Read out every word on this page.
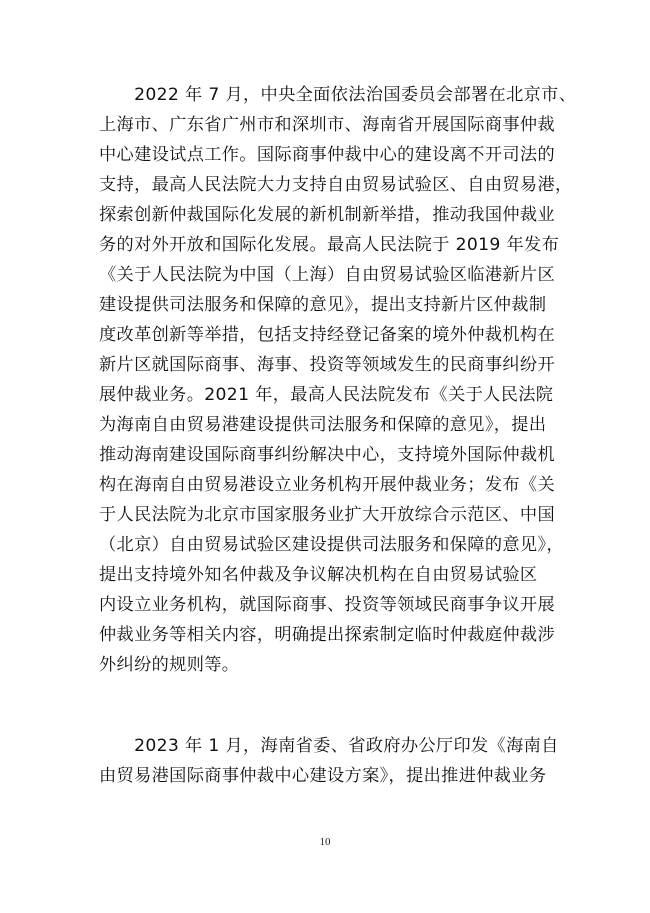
　　2022 年 7 月，中央全面依法治国委员会部署在北京市、
上海市、广东省广州市和深圳市、海南省开展国际商事仲裁
中心建设试点工作。国际商事仲裁中心的建设离不开司法的
支持，最高人民法院大力支持自由贸易试验区、自由贸易港，
探索创新仲裁国际化发展的新机制新举措，推动我国仲裁业
务的对外开放和国际化发展。最高人民法院于 2019 年发布
《关于人民法院为中国（上海）自由贸易试验区临港新片区
建设提供司法服务和保障的意见》，提出支持新片区仲裁制
度改革创新等举措，包括支持经登记备案的境外仲裁机构在
新片区就国际商事、海事、投资等领域发生的民商事纠纷开
展仲裁业务。2021 年，最高人民法院发布《关于人民法院
为海南自由贸易港建设提供司法服务和保障的意见》，提出
推动海南建设国际商事纠纷解决中心，支持境外国际仲裁机
构在海南自由贸易港设立业务机构开展仲裁业务；发布《关
于人民法院为北京市国家服务业扩大开放综合示范区、中国
（北京）自由贸易试验区建设提供司法服务和保障的意见》，
提出支持境外知名仲裁及争议解决机构在自由贸易试验区
内设立业务机构，就国际商事、投资等领域民商事争议开展
仲裁业务等相关内容，明确提出探索制定临时仲裁庭仲裁涉
外纠纷的规则等。
　　2023 年 1 月，海南省委、省政府办公厅印发《海南自
由贸易港国际商事仲裁中心建设方案》，提出推进仲裁业务
10
